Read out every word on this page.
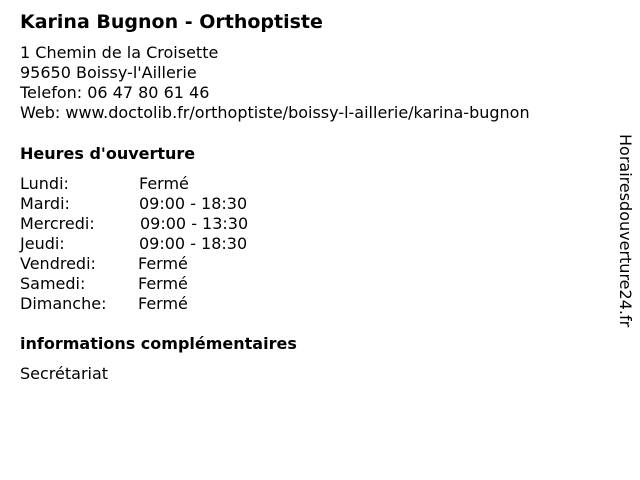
Karina Bugnon - Orthoptiste
1 Chemin de la Croisette
95650 Boissy-l'Aillerie
Telefon: 06 47 80 61 46
Web: www.doctolib.fr/orthoptiste/boissy-l-aillerie/karina-bugnon
Heures d'ouverture
Lundi:	Fermé
Mardi:	09:00 - 18:30
Mercredi:	09:00 - 13:30
Jeudi:	09:00 - 18:30
Vendredi:	Fermé
Samedi:	Fermé
Dimanche: Fermé
informations complémentaires
Secrétariat
Horairesdouverture24.fr
